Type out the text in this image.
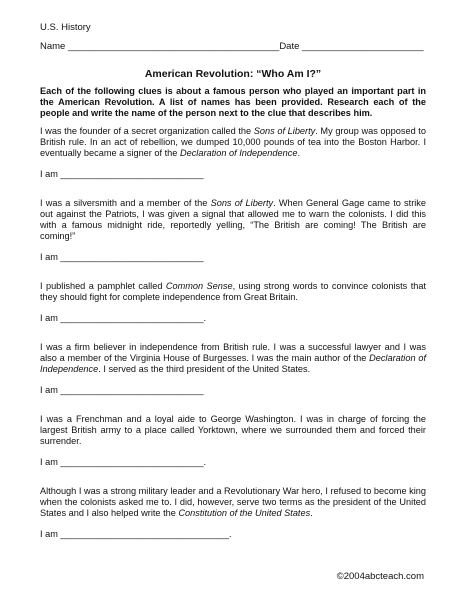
U.S. History
Name ________________________________________Date _______________________
American Revolution: “Who Am I?”

Each of the following clues is about a famous person who played an important part in the American Revolution. A list of names has been provided. Research each of the people and write the name of the person next to the clue that describes him.

I was the founder of a secret organization called the Sons of Liberty. My group was opposed to British rule. In an act of rebellion, we dumped 10,000 pounds of tea into the Boston Harbor. I eventually became a signer of the Declaration of Independence.

I am ____________________________

I was a silversmith and a member of the Sons of Liberty. When General Gage came to strike out against the Patriots, I was given a signal that allowed me to warn the colonists. I did this with a famous midnight ride, reportedly yelling, “The British are coming! The British are coming!”

I am ____________________________

I published a pamphlet called Common Sense, using strong words to convince colonists that they should fight for complete independence from Great Britain.

I am ____________________________.

I was a firm believer in independence from British rule. I was a successful lawyer and I was also a member of the Virginia House of Burgesses. I was the main author of the Declaration of Independence. I served as the third president of the United States.

I am ____________________________

I was a Frenchman and a loyal aide to George Washington. I was in charge of forcing the largest British army to a place called Yorktown, where we surrounded them and forced their surrender.

I am ____________________________.

Although I was a strong military leader and a Revolutionary War hero, I refused to become king when the colonists asked me to. I did, however, serve two terms as the president of the United States and I also helped write the Constitution of the United States.

I am _________________________________.
©2004abcteach.com
